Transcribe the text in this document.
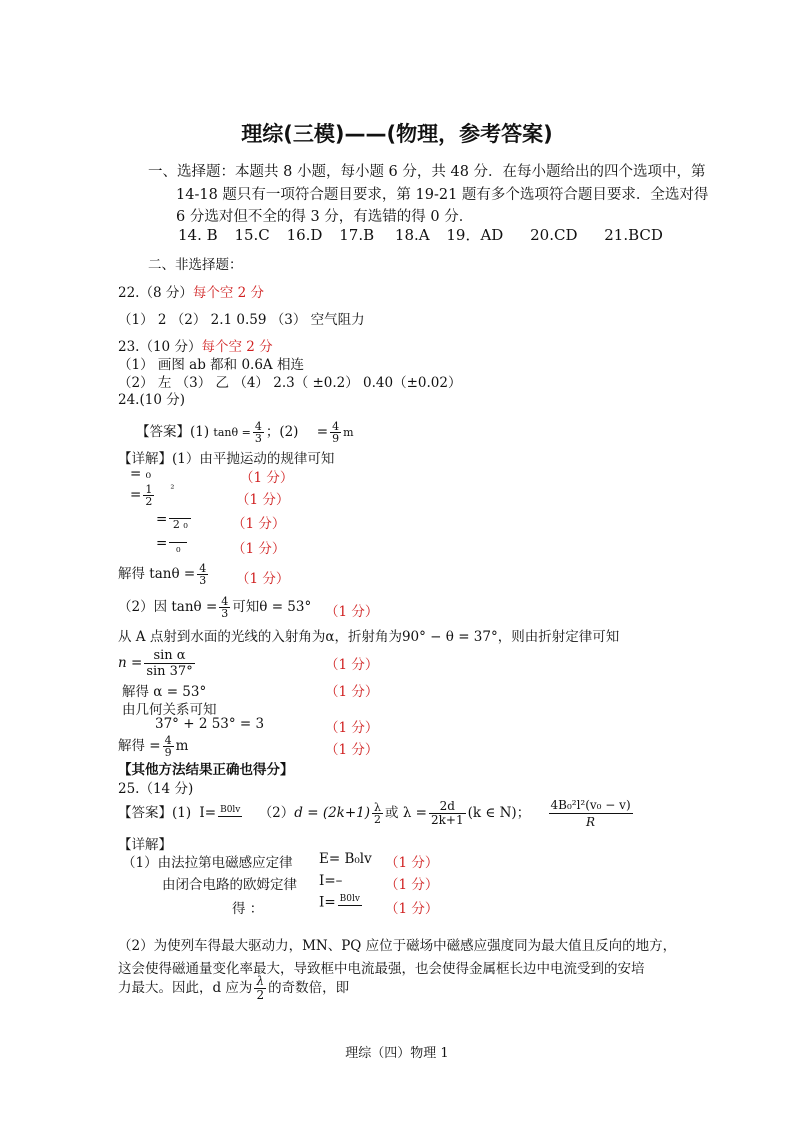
理综(三模)——(物理，参考答案)
一、选择题：本题共 8 小题，每小题 6 分，共 48 分．在每小题给出的四个选项中，第
14-18 题只有一项符合题目要求，第 19-21 题有多个选项符合题目要求．全选对得
6 分选对但不全的得 3 分，有选错的得 0 分．
14. B 15.C 16.D 17.B 18.A 19．AD 20.CD 21.BCD
二、非选择题：
22.（8 分）每个空 2 分
（1） 2 （2） 2.1 0.59 （3） 空气阻力
23.（10 分）每个空 2 分
（1） 画图 ab 都和 0.6A 相连
（2） 左 （3） 乙 （4） 2.3（ ±0.2） 0.40（±0.02）
24.(10 分)
【答案】(1) $\tan\theta = \frac{4}{3}$ ；$(2) = \frac{4}{9}$ m
【详解】(1）由平抛运动的规律可知
= ₀	（1 分）
= $\frac{1}{2} ^{^2}$
（1 分）
= 2 ₀	（1 分）
= ₀	（1 分）
解得 $\tan\theta = \frac{4}{3} (1$ 分）
（2）因 $\tan\theta = \frac{4}{3}$ 可知θ = 53° （1 分）
从 A 点射到水面的光线的入射角为α，折射角为90° − θ = 37°，则由折射定律可知
$n = \frac{\text{sin α}}{\sin 37^\circ}$	（1 分）
解得 α = 53°	（1 分）
由几何关系可知
37° + 2 53° = 3	（1 分）
解得 = $\frac{4}{9}$ m	（1 分）
【其他方法结果正确也得分】
25.（14 分)
【答案】(1) I= B0lv $(2)d = (2k+1) \frac{\lambda}{2}$ 或 $\lambda = \frac{2d}{2k+1} (k$ ∈ N)； $\frac{\text{4B₀²l²(v₀ − v)}}{R}$
【详解】
（1）由法拉第电磁感应定律 E= B₀lv （1 分）
由闭合电路的欧姆定律 I=–	（1 分）
得 ：	I= B0lv
（1 分）
（2）为使列车得最大驱动力，MN、PQ 应位于磁场中磁感应强度同为最大值且反向的地方，
这会使得磁通量变化率最大，导致框中电流最强，也会使得金属框长边中电流受到的安培
力最大。因此，d 应为 $\frac{\lambda}{2}$ 的奇数倍，即
理综（四）物理 1
